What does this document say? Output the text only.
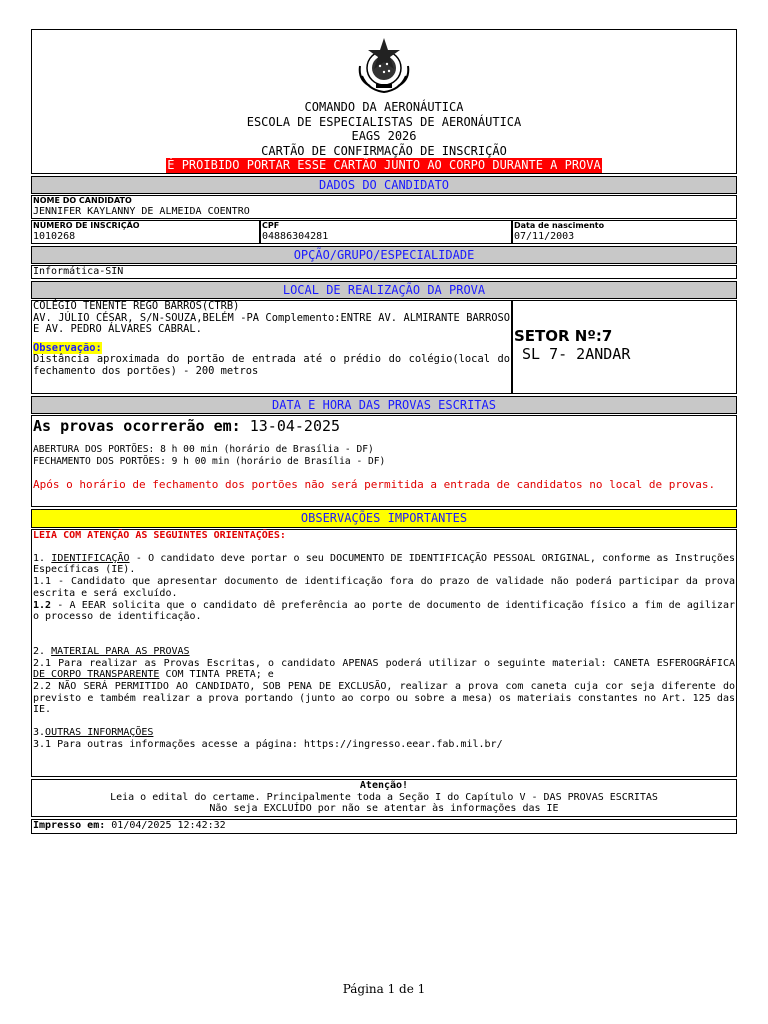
COMANDO DA AERONÁUTICA
ESCOLA DE ESPECIALISTAS DE AERONÁUTICA
EAGS 2026
CARTÃO DE CONFIRMAÇÃO DE INSCRIÇÃO
É PROIBIDO PORTAR ESSE CARTÃO JUNTO AO CORPO DURANTE A PROVA
DADOS DO CANDIDATO
NOME DO CANDIDATO
JENNIFER KAYLANNY DE ALMEIDA COENTRO
NÚMERO DE INSCRIÇÃO
1010268
CPF
04886304281
Data de nascimento
07/11/2003
OPÇÃO/GRUPO/ESPECIALIDADE
Informática-SIN
LOCAL DE REALIZAÇÃO DA PROVA
COLÉGIO TENENTE REGO BARROS(CTRB)
AV. JÚLIO CÉSAR, S/N-SOUZA,BELÉM -PA Complemento:ENTRE AV. ALMIRANTE BARROSO E AV. PEDRO ÁLVARES CABRAL.
Observação:
Distância aproximada do portão de entrada até o prédio do colégio(local do fechamento dos portões) - 200 metros
SETOR Nº:7
SL 7- 2ANDAR
DATA E HORA DAS PROVAS ESCRITAS
As provas ocorrerão em: 13-04-2025
ABERTURA DOS PORTÕES: 8 h 00 min (horário de Brasília - DF)
FECHAMENTO DOS PORTÕES: 9 h 00 min (horário de Brasília - DF)
Após o horário de fechamento dos portões não será permitida a entrada de candidatos no local de provas.
OBSERVAÇÕES IMPORTANTES
LEIA COM ATENÇÃO AS SEGUINTES ORIENTAÇÕES:
1. IDENTIFICAÇÃO - O candidato deve portar o seu DOCUMENTO DE IDENTIFICAÇÃO PESSOAL ORIGINAL, conforme as Instruções Específicas (IE).
1.1 - Candidato que apresentar documento de identificação fora do prazo de validade não poderá participar da prova escrita e será excluído.
1.2 - A EEAR solicita que o candidato dê preferência ao porte de documento de identificação físico a fim de agilizar o processo de identificação.
2. MATERIAL PARA AS PROVAS
2.1 Para realizar as Provas Escritas, o candidato APENAS poderá utilizar o seguinte material: CANETA ESFEROGRÁFICA DE CORPO TRANSPARENTE COM TINTA PRETA; e
2.2 NÃO SERÁ PERMITIDO AO CANDIDATO, SOB PENA DE EXCLUSÃO, realizar a prova com caneta cuja cor seja diferente do previsto e também realizar a prova portando (junto ao corpo ou sobre a mesa) os materiais constantes no Art. 125 das IE.
3.OUTRAS INFORMAÇÕES
3.1 Para outras informações acesse a página: https://ingresso.eear.fab.mil.br/
Atenção!
Leia o edital do certame. Principalmente toda a Seção I do Capítulo V - DAS PROVAS ESCRITAS
Não seja EXCLUÍDO por não se atentar às informações das IE
Impresso em: 01/04/2025 12:42:32
Página 1 de 1
